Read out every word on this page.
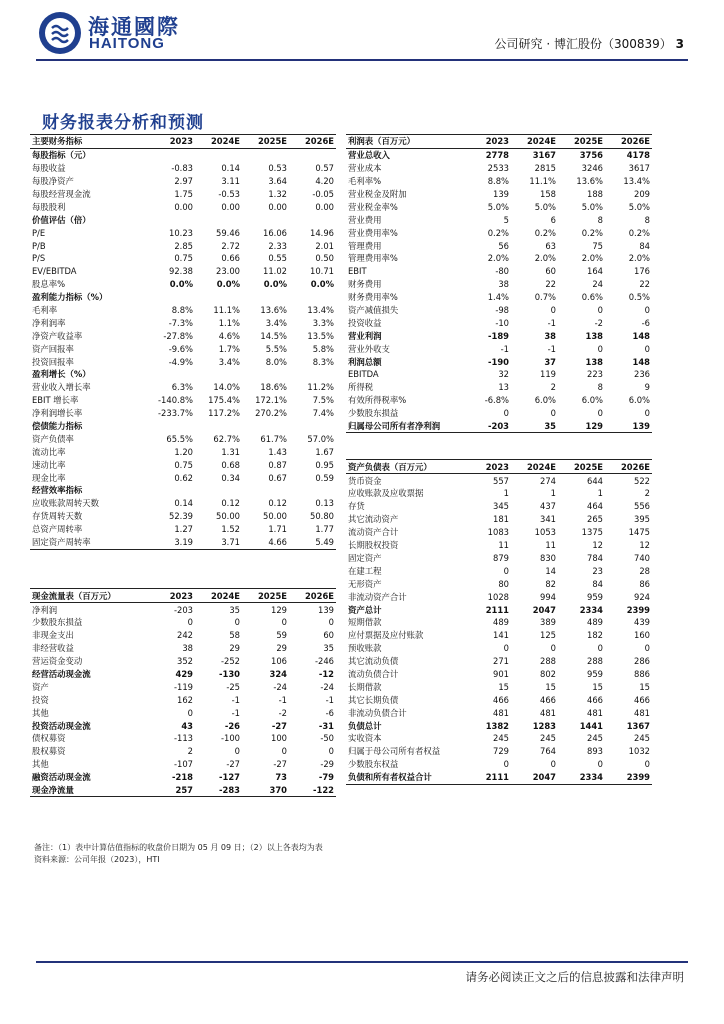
海通國際
HAITONG	公司研究 · 博汇股份（300839） 3
财务报表分析和预测
主要财务指标	2023	2024E	2025E	2026E
每股指标（元）				
每股收益	-0.83	0.14	0.53	0.57
每股净资产	2.97	3.11	3.64	4.20
每股经营现金流	1.75	-0.53	1.32	-0.05
每股股利	0.00	0.00	0.00	0.00
价值评估（倍）				
P/E	10.23	59.46	16.06	14.96
P/B	2.85	2.72	2.33	2.01
P/S	0.75	0.66	0.55	0.50
EV/EBITDA	92.38	23.00	11.02	10.71
股息率%	0.0%	0.0%	0.0%	0.0%
盈利能力指标（%）				
毛利率	8.8%	11.1%	13.6%	13.4%
净利润率	-7.3%	1.1%	3.4%	3.3%
净资产收益率	-27.8%	4.6%	14.5%	13.5%
资产回报率	-9.6%	1.7%	5.5%	5.8%
投资回报率	-4.9%	3.4%	8.0%	8.3%
盈利增长（%）				
营业收入增长率	6.3%	14.0%	18.6%	11.2%
EBIT 增长率	-140.8%	175.4%	172.1%	7.5%
净利润增长率	-233.7%	117.2%	270.2%	7.4%
偿债能力指标				
资产负债率	65.5%	62.7%	61.7%	57.0%
流动比率	1.20	1.31	1.43	1.67
速动比率	0.75	0.68	0.87	0.95
现金比率	0.62	0.34	0.67	0.59
经营效率指标				
应收账款周转天数	0.14	0.12	0.12	0.13
存货周转天数	52.39	50.00	50.00	50.80
总资产周转率	1.27	1.52	1.71	1.77
固定资产周转率	3.19	3.71	4.66	5.49

现金流量表（百万元）	2023	2024E	2025E	2026E
净利润	-203	35	129	139
少数股东损益	0	0	0	0
非现金支出	242	58	59	60
非经营收益	38	29	29	35
营运资金变动	352	-252	106	-246
经营活动现金流	429	-130	324	-12
资产	-119	-25	-24	-24
投资	162	-1	-1	-1
其他	0	-1	-2	-6
投资活动现金流	43	-26	-27	-31
债权募资	-113	-100	100	-50
股权募资	2	0	0	0
其他	-107	-27	-27	-29
融资活动现金流	-218	-127	73	-79
现金净流量	257	-283	370	-122
利润表（百万元）	2023	2024E	2025E	2026E
营业总收入	2778	3167	3756	4178
营业成本	2533	2815	3246	3617
毛利率%	8.8%	11.1%	13.6%	13.4%
营业税金及附加	139	158	188	209
营业税金率%	5.0%	5.0%	5.0%	5.0%
营业费用	5	6	8	8
营业费用率%	0.2%	0.2%	0.2%	0.2%
管理费用	56	63	75	84
管理费用率%	2.0%	2.0%	2.0%	2.0%
EBIT	-80	60	164	176
财务费用	38	22	24	22
财务费用率%	1.4%	0.7%	0.6%	0.5%
资产减值损失	-98	0	0	0
投资收益	-10	-1	-2	-6
营业利润	-189	38	138	148
营业外收支	-1	-1	0	0
利润总额	-190	37	138	148
EBITDA	32	119	223	236
所得税	13	2	8	9
有效所得税率%	-6.8%	6.0%	6.0%	6.0%
少数股东损益	0	0	0	0
归属母公司所有者净利润	-203	35	129	139

资产负债表（百万元）	2023	2024E	2025E	2026E
货币资金	557	274	644	522
应收账款及应收票据	1	1	1	2
存货	345	437	464	556
其它流动资产	181	341	265	395
流动资产合计	1083	1053	1375	1475
长期股权投资	11	11	12	12
固定资产	879	830	784	740
在建工程	0	14	23	28
无形资产	80	82	84	86
非流动资产合计	1028	994	959	924
资产总计	2111	2047	2334	2399
短期借款	489	389	489	439
应付票据及应付账款	141	125	182	160
预收账款	0	0	0	0
其它流动负债	271	288	288	286
流动负债合计	901	802	959	886
长期借款	15	15	15	15
其它长期负债	466	466	466	466
非流动负债合计	481	481	481	481
负债总计	1382	1283	1441	1367
实收资本	245	245	245	245
归属于母公司所有者权益	729	764	893	1032
少数股东权益	0	0	0	0
负债和所有者权益合计	2111	2047	2334	2399
备注：（1）表中计算估值指标的收盘价日期为 05 月 09 日；（2）以上各表均为表
资料来源：公司年报（2023），HTI
请务必阅读正文之后的信息披露和法律声明
